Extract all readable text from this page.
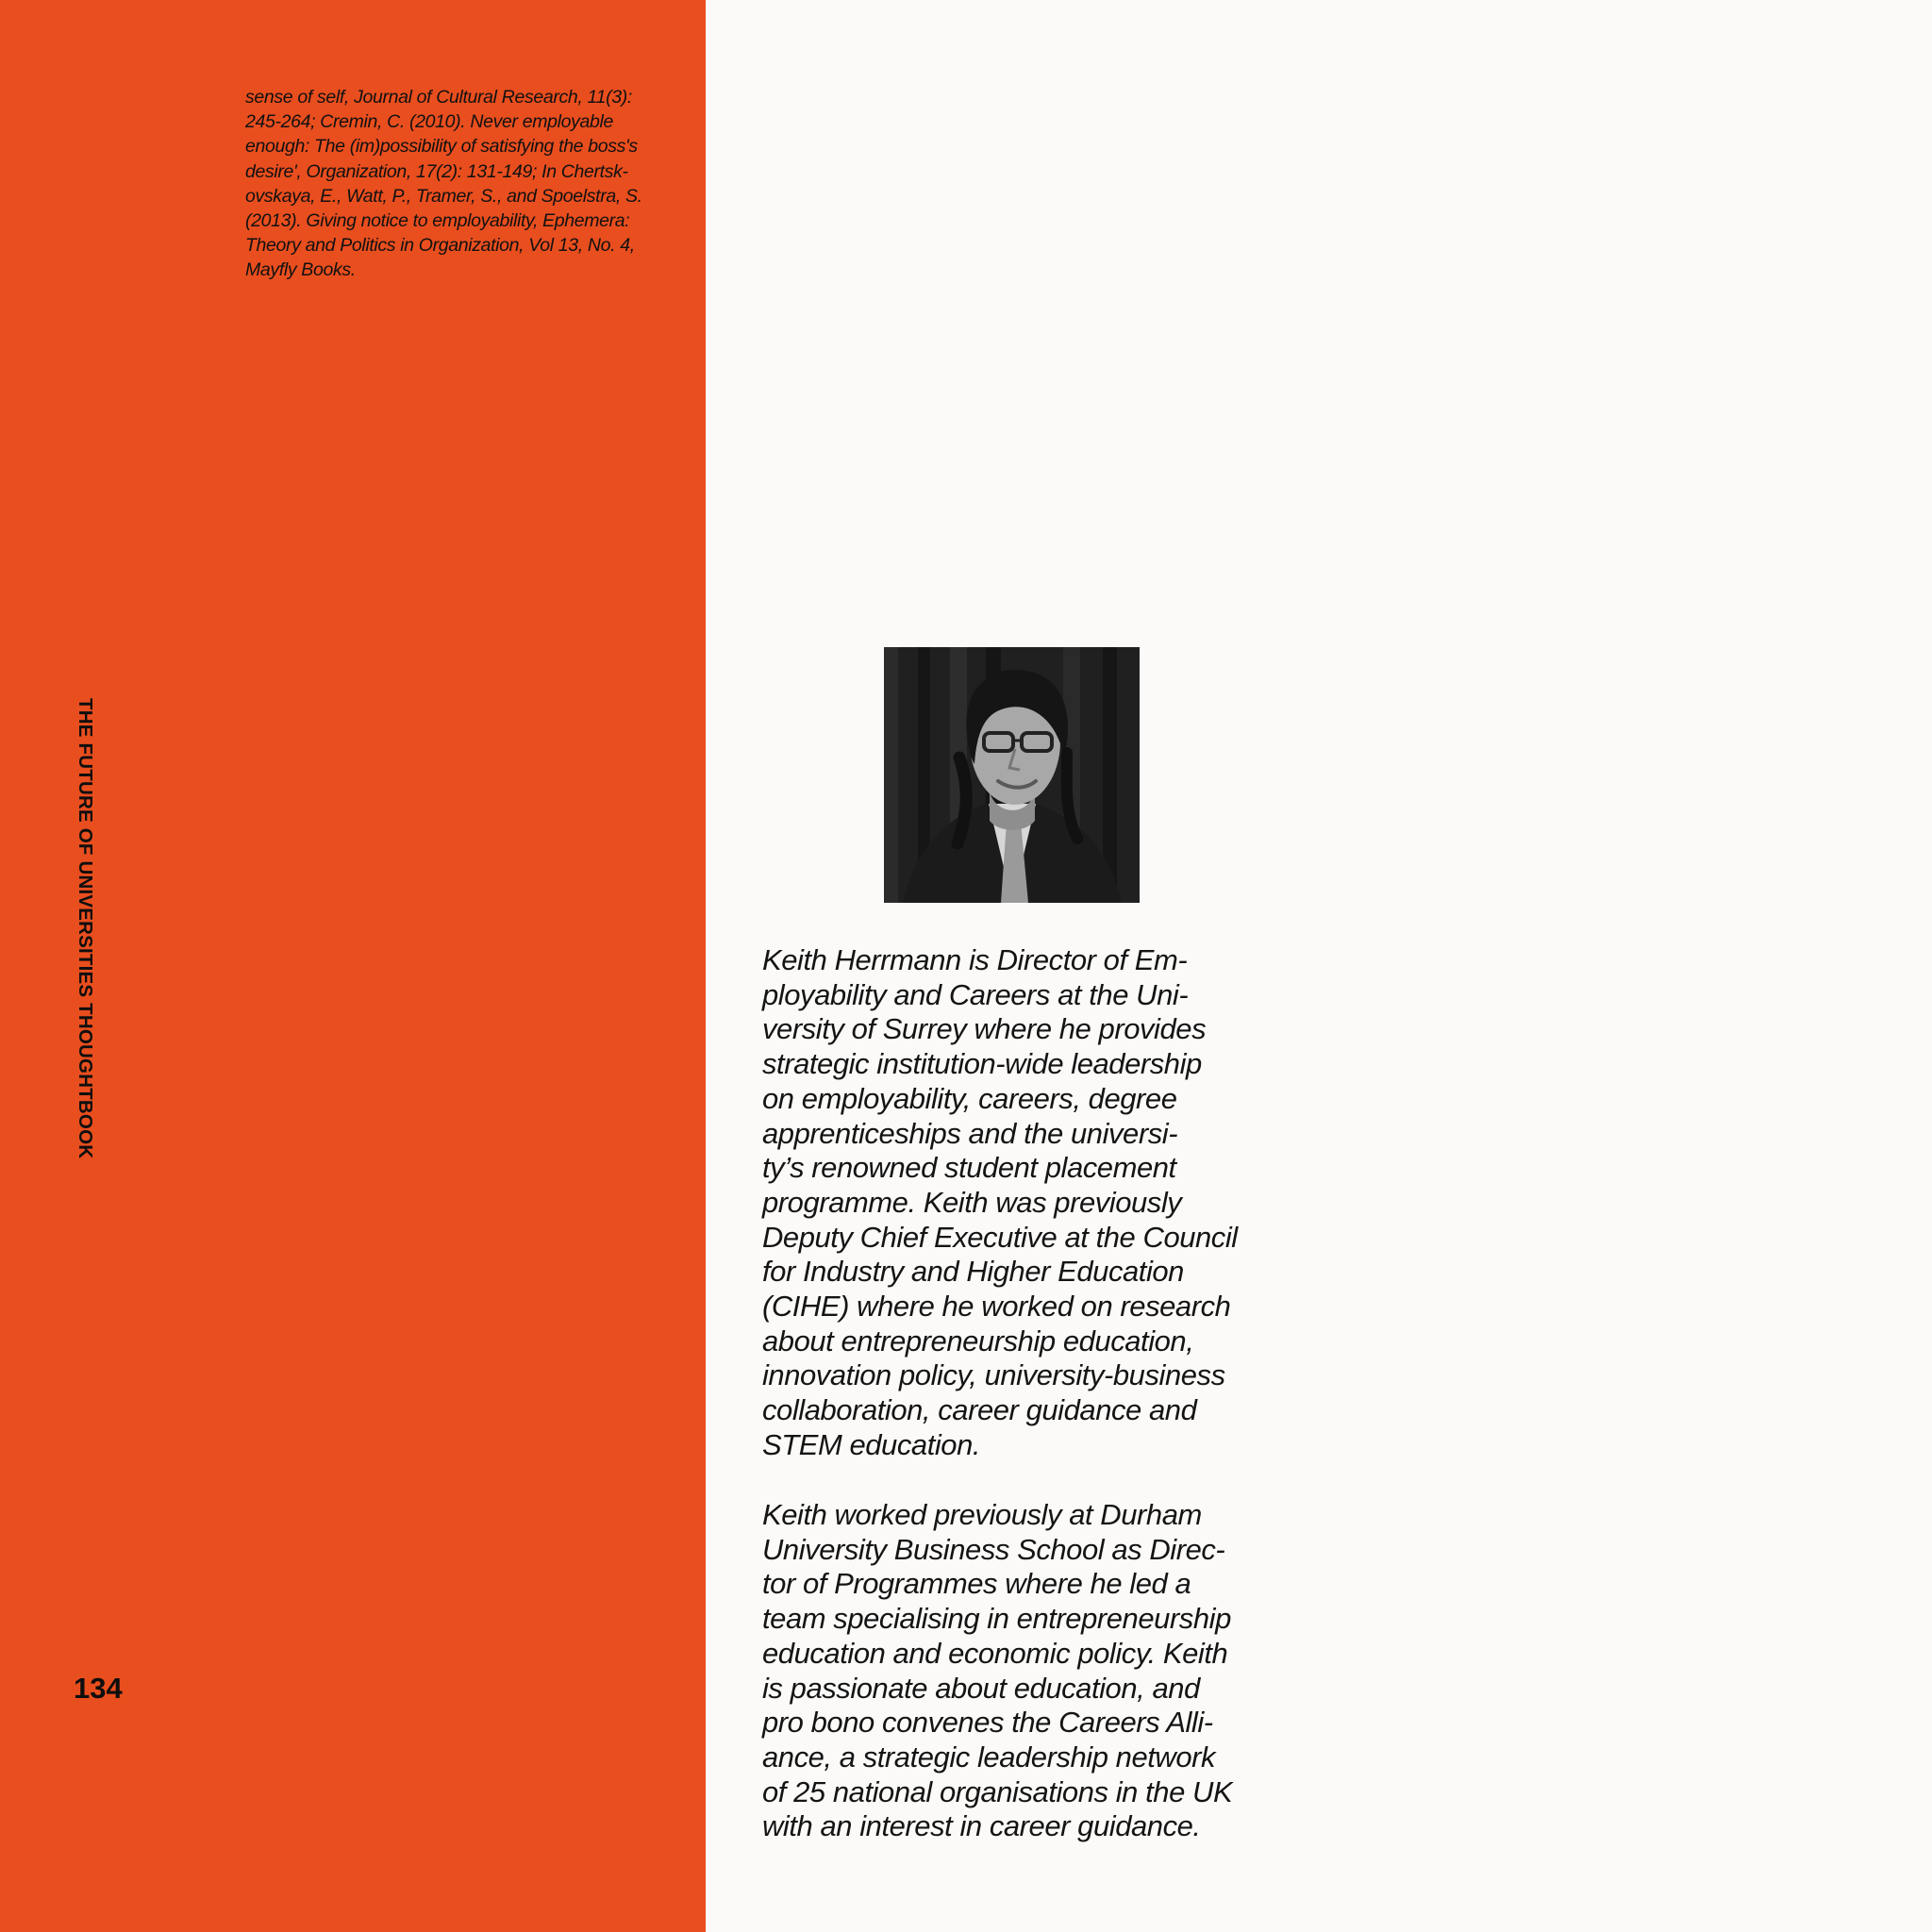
sense of self, Journal of Cultural Research, 11(3):
245-264; Cremin, C. (2010). Never employable
enough: The (im)possibility of satisfying the boss's
desire', Organization, 17(2): 131-149; In Chertsk-
ovskaya, E., Watt, P., Tramer, S., and Spoelstra, S.
(2013). Giving notice to employability, Ephemera:
Theory and Politics in Organization, Vol 13, No. 4,
Mayfly Books.

THE FUTURE OF UNIVERSITIES THOUGHTBOOK

134

Keith Herrmann is Director of Em-
ployability and Careers at the Uni-
versity of Surrey where he provides
strategic institution-wide leadership
on employability, careers, degree
apprenticeships and the universi-
ty’s renowned student placement
programme. Keith was previously
Deputy Chief Executive at the Council
for Industry and Higher Education
(CIHE) where he worked on research
about entrepreneurship education,
innovation policy, university-business
collaboration, career guidance and
STEM education.

Keith worked previously at Durham
University Business School as Direc-
tor of Programmes where he led a
team specialising in entrepreneurship
education and economic policy. Keith
is passionate about education, and
pro bono convenes the Careers Alli-
ance, a strategic leadership network
of 25 national organisations in the UK
with an interest in career guidance.
